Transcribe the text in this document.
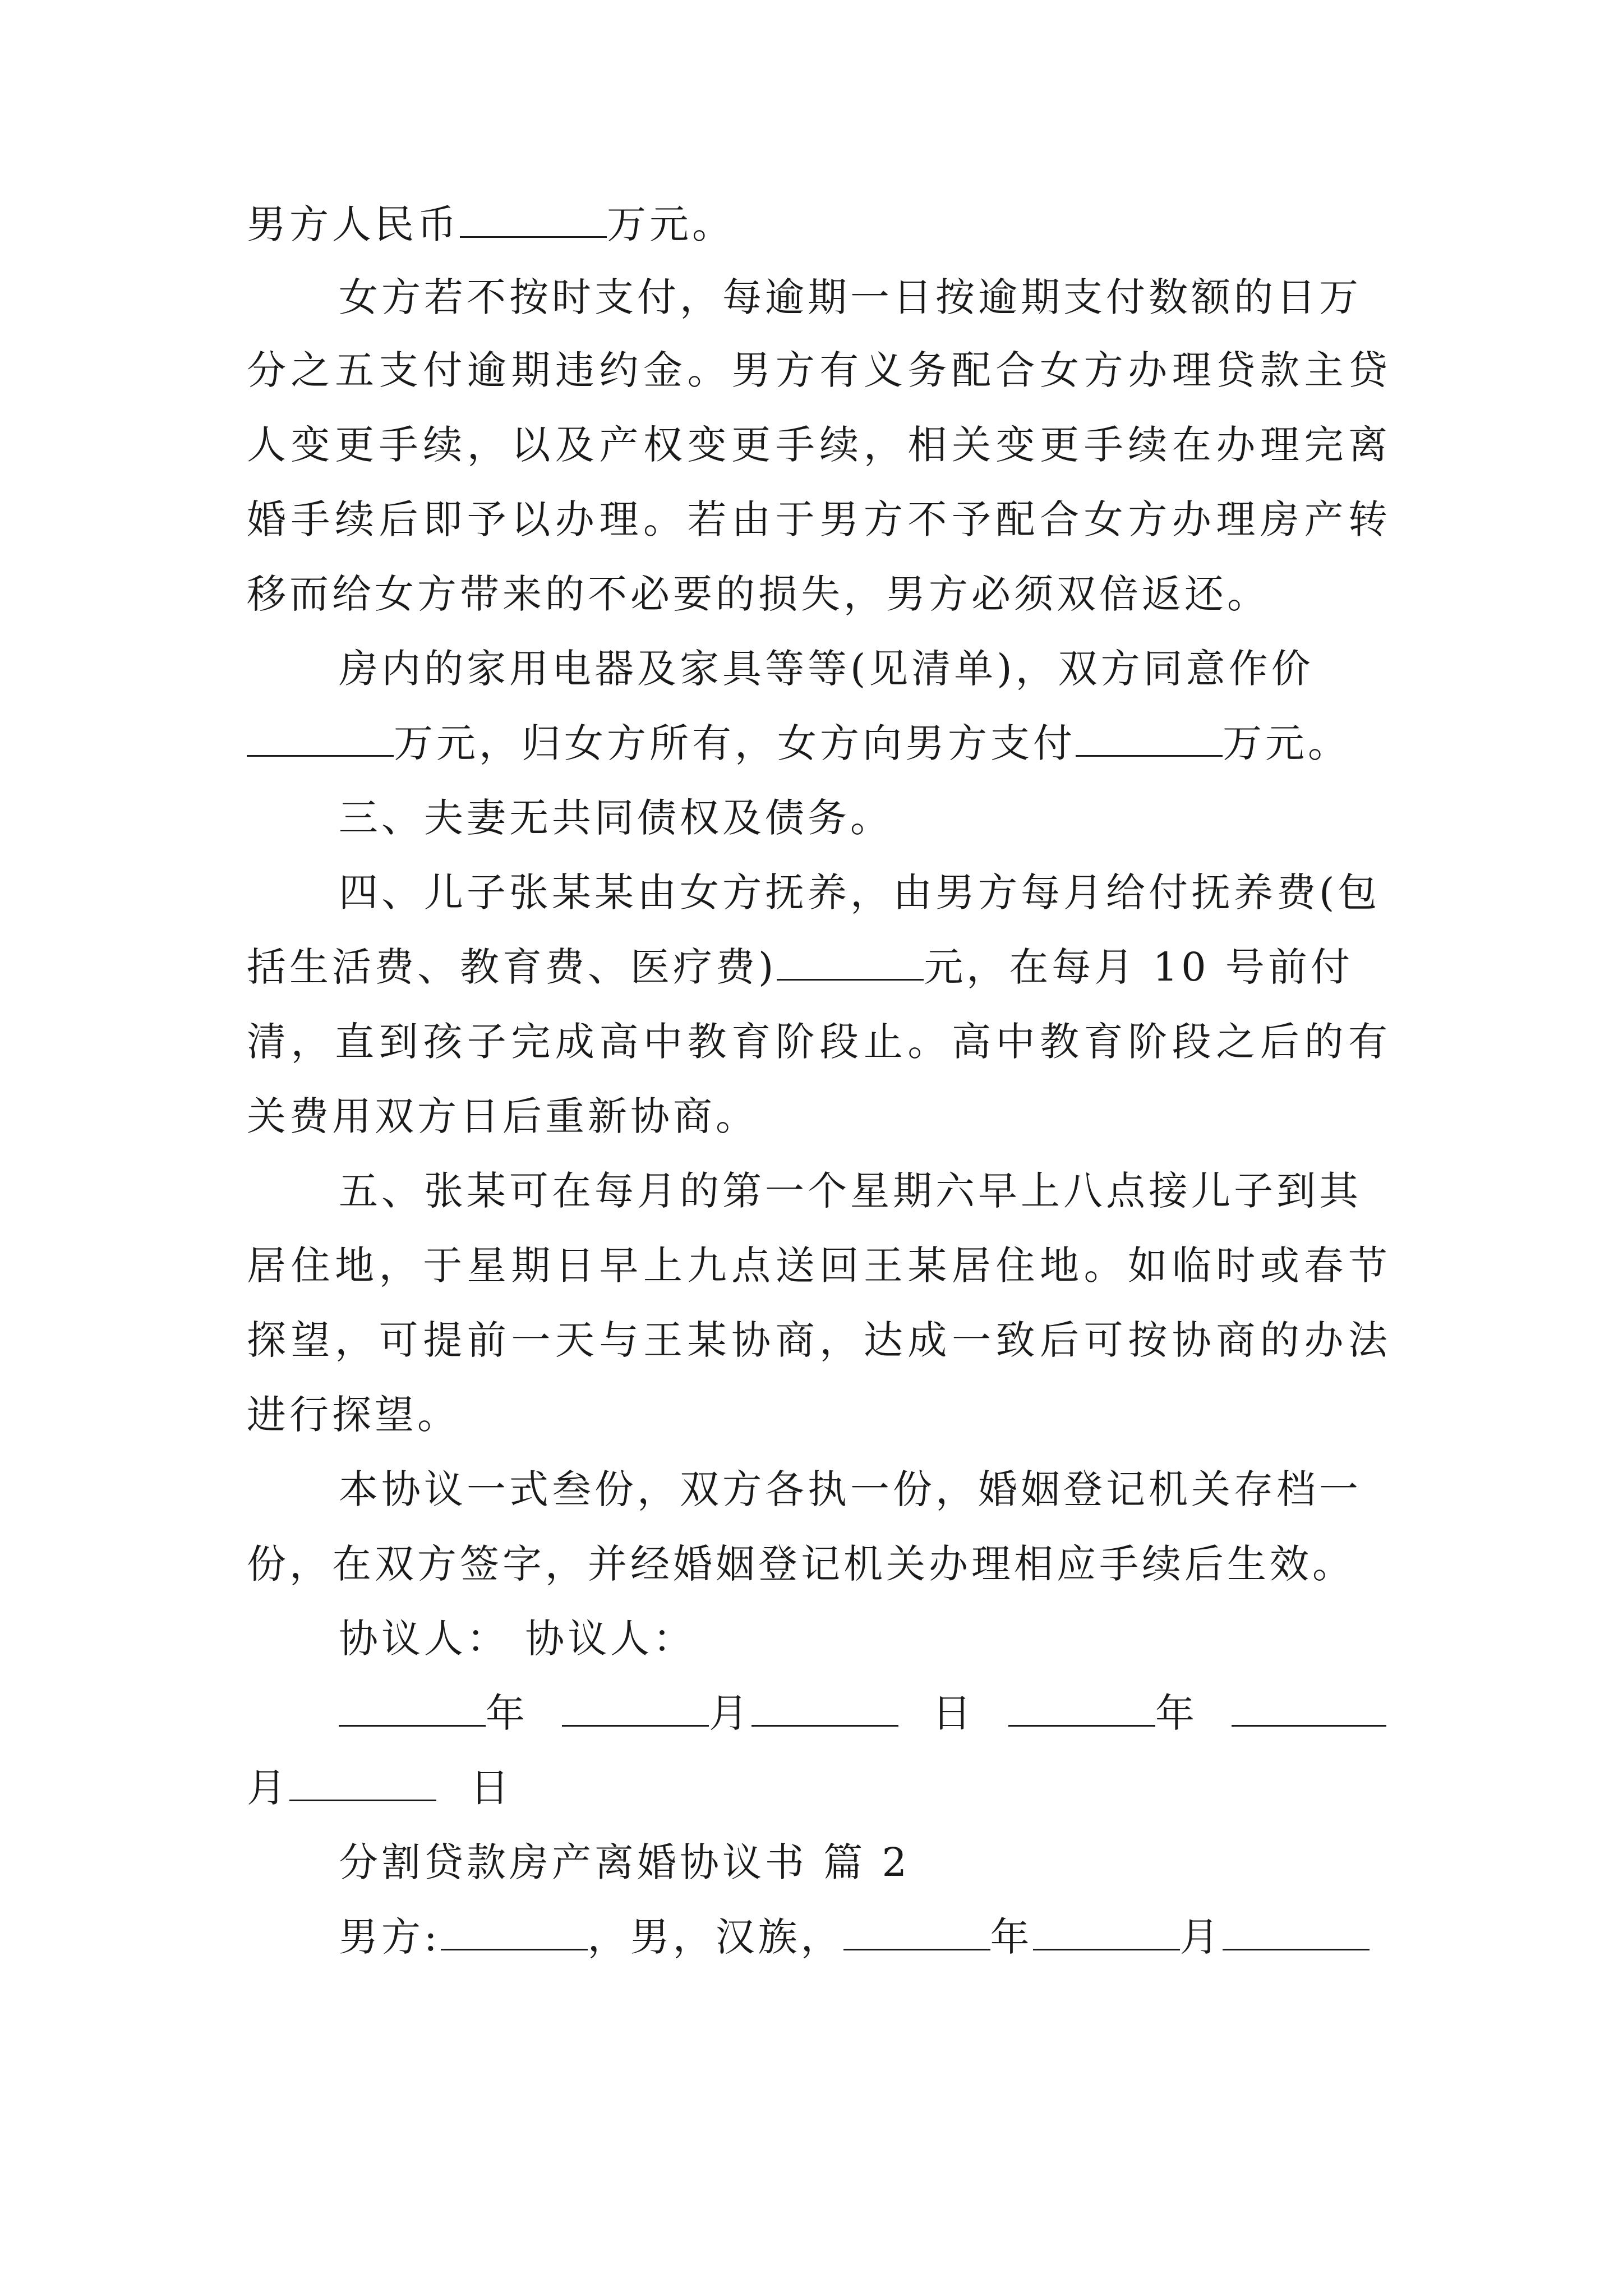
男方人民币	万元。
女方若不按时支付，每逾期一日按逾期支付数额的日万
分之五支付逾期违约金。男方有义务配合女方办理贷款主贷
人变更手续，以及产权变更手续，相关变更手续在办理完离
婚手续后即予以办理。若由于男方不予配合女方办理房产转
移而给女方带来的不必要的损失，男方必须双倍返还。
房内的家用电器及家具等等(见清单)，双方同意作价
万元，归女方所有，女方向男方支付	万元。
三、夫妻无共同债权及债务。
四、儿子张某某由女方抚养，由男方每月给付抚养费(包
括生活费、教育费、医疗费)	元，在每月 10 号前付
清，直到孩子完成高中教育阶段止。高中教育阶段之后的有
关费用双方日后重新协商。
五、张某可在每月的第一个星期六早上八点接儿子到其
居住地，于星期日早上九点送回王某居住地。如临时或春节
探望，可提前一天与王某协商，达成一致后可按协商的办法
进行探望。
本协议一式叁份，双方各执一份，婚姻登记机关存档一
份，在双方签字，并经婚姻登记机关办理相应手续后生效。
协议人： 协议人：
年	月	日	年
月	日
分割贷款房产离婚协议书 篇 2
男方:	，男，汉族，	年	月
